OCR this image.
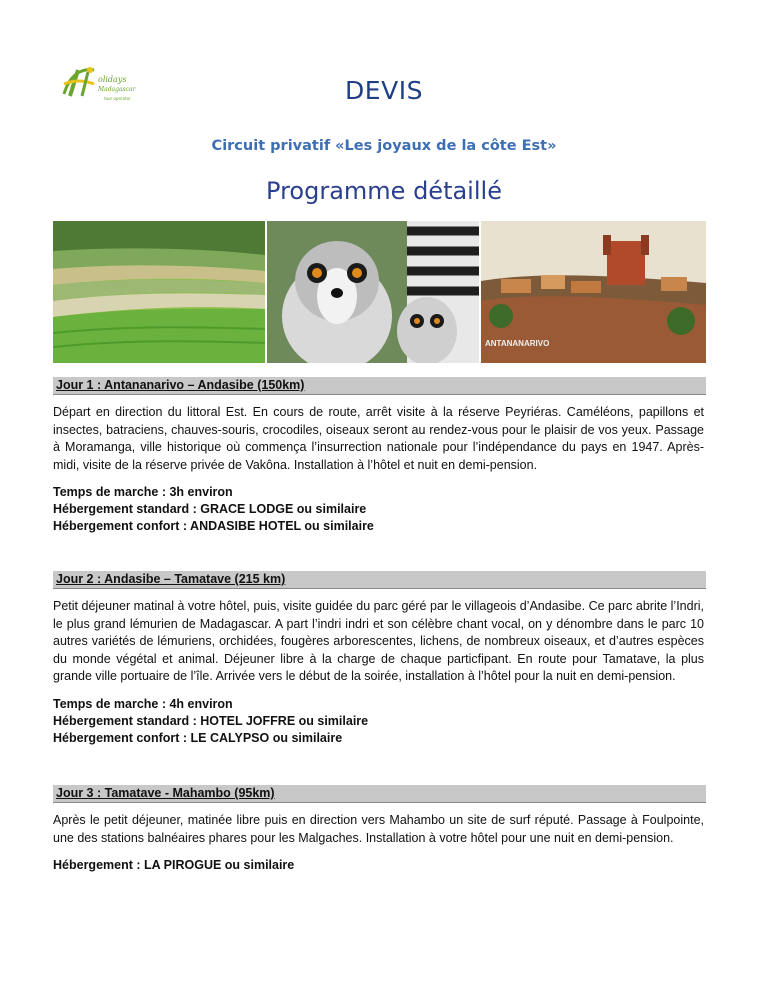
olidays
Madagascar
tour operator	DEVIS
Circuit privatif «Les joyaux de la côte Est»
Programme détaillé
ANTANANARIVO
Jour 1 : Antananarivo – Andasibe (150km)
Départ en direction du littoral Est. En cours de route, arrêt visite à la réserve Peyriéras. Caméléons, papillons et insectes, batraciens, chauves-souris, crocodiles, oiseaux seront au rendez-vous pour le plaisir de vos yeux. Passage à Moramanga, ville historique où commença l’insurrection nationale pour l’indépendance du pays en 1947. Après-midi, visite de la réserve privée de Vakôna. Installation à l’hôtel et nuit en demi-pension.
Temps de marche : 3h environ
Hébergement standard : GRACE LODGE ou similaire
Hébergement confort : ANDASIBE HOTEL ou similaire
Jour 2 : Andasibe – Tamatave (215 km)
Petit déjeuner matinal à votre hôtel, puis, visite guidée du parc géré par le villageois d’Andasibe. Ce parc abrite l’Indri, le plus grand lémurien de Madagascar. A part l’indri indri et son célèbre chant vocal, on y dénombre dans le parc 10 autres variétés de lémuriens, orchidées, fougères arborescentes, lichens, de nombreux oiseaux, et d’autres espèces du monde végétal et animal. Déjeuner libre à la charge de chaque particfipant. En route pour Tamatave, la plus grande ville portuaire de l’île. Arrivée vers le début de la soirée, installation à l’hôtel pour la nuit en demi-pension.
Temps de marche : 4h environ
Hébergement standard : HOTEL JOFFRE ou similaire
Hébergement confort : LE CALYPSO ou similaire
Jour 3 : Tamatave - Mahambo (95km)
Après le petit déjeuner, matinée libre puis en direction vers Mahambo un site de surf réputé. Passage à Foulpointe, une des stations balnéaires phares pour les Malgaches. Installation à votre hôtel pour une nuit en demi-pension.
Hébergement : LA PIROGUE ou similaire
